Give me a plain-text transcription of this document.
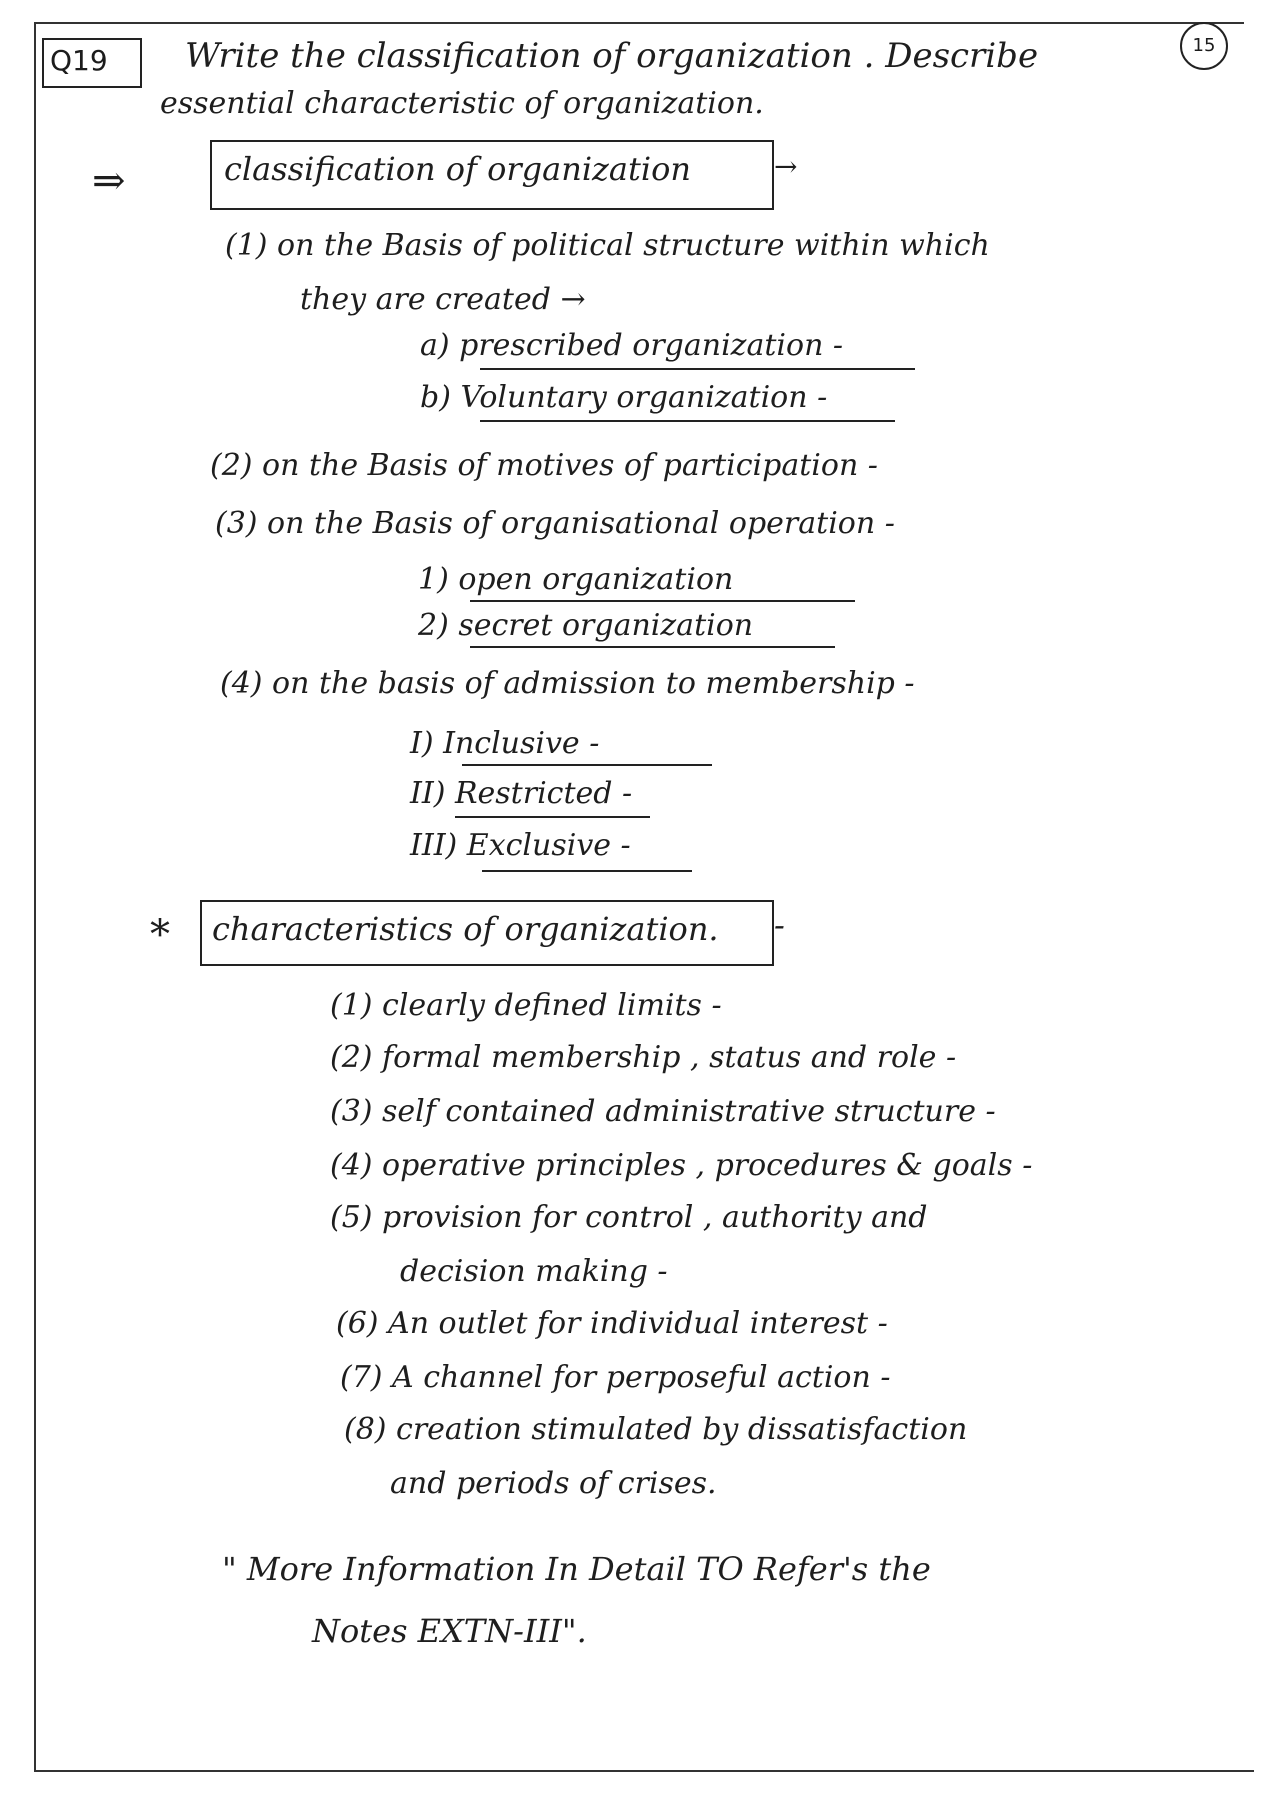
15
Q19 Write the classification of organization . Describe
essential characteristic of organization.
⇒	classification of organization	→
(1) on the Basis of political structure within which
they are created →
a) prescribed organization -
b) Voluntary organization -
(2) on the Basis of motives of participation -
(3) on the Basis of organisational operation -
1) open organization
2) secret organization
(4) on the basis of admission to membership -
I) Inclusive -
II) Restricted -
III) Exclusive -
* characteristics of organization. -
(1) clearly defined limits -
(2) formal membership , status and role -
(3) self contained administrative structure -
(4) operative principles , procedures & goals -
(5) provision for control , authority and
decision making -
(6) An outlet for individual interest -
(7) A channel for perposeful action -
(8) creation stimulated by dissatisfaction
and periods of crises.
" More Information In Detail TO Refer's the
Notes EXTN-III".
